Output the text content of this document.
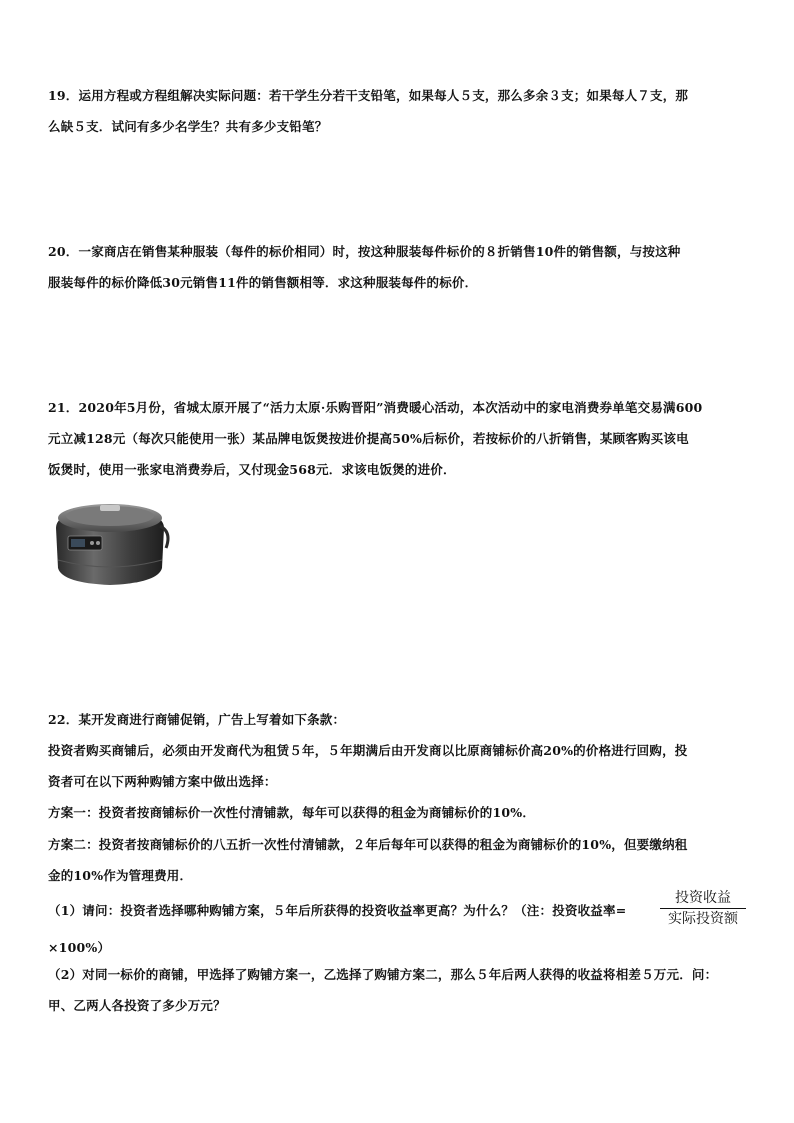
19．运用方程或方程组解决实际问题：若干学生分若干支铅笔，如果每人５支，那么多余３支；如果每人７支，那
么缺５支．试问有多少名学生？共有多少支铅笔？
20．一家商店在销售某种服装（每件的标价相同）时，按这种服装每件标价的８折销售10件的销售额，与按这种
服装每件的标价降低30元销售11件的销售额相等．求这种服装每件的标价．
21．2020年5月份，省城太原开展了“活力太原·乐购晋阳”消费暖心活动，本次活动中的家电消费券单笔交易满600
元立减128元（每次只能使用一张）某品牌电饭煲按进价提高50%后标价，若按标价的八折销售，某顾客购买该电
饭煲时，使用一张家电消费券后，又付现金568元．求该电饭煲的进价．
22．某开发商进行商铺促销，广告上写着如下条款：
投资者购买商铺后，必须由开发商代为租赁５年，５年期满后由开发商以比原商铺标价高20%的价格进行回购，投
资者可在以下两种购铺方案中做出选择：
方案一：投资者按商铺标价一次性付清铺款，每年可以获得的租金为商铺标价的10%．
方案二：投资者按商铺标价的八五折一次性付清铺款，２年后每年可以获得的租金为商铺标价的10%，但要缴纳租
金的10%作为管理费用．
（1）请问：投资者选择哪种购铺方案，５年后所获得的投资收益率更高？为什么？（注：投资收益率=
投资收益
实际投资额
×100%）
（2）对同一标价的商铺，甲选择了购铺方案一，乙选择了购铺方案二，那么５年后两人获得的收益将相差５万元．问：
甲、乙两人各投资了多少万元？
